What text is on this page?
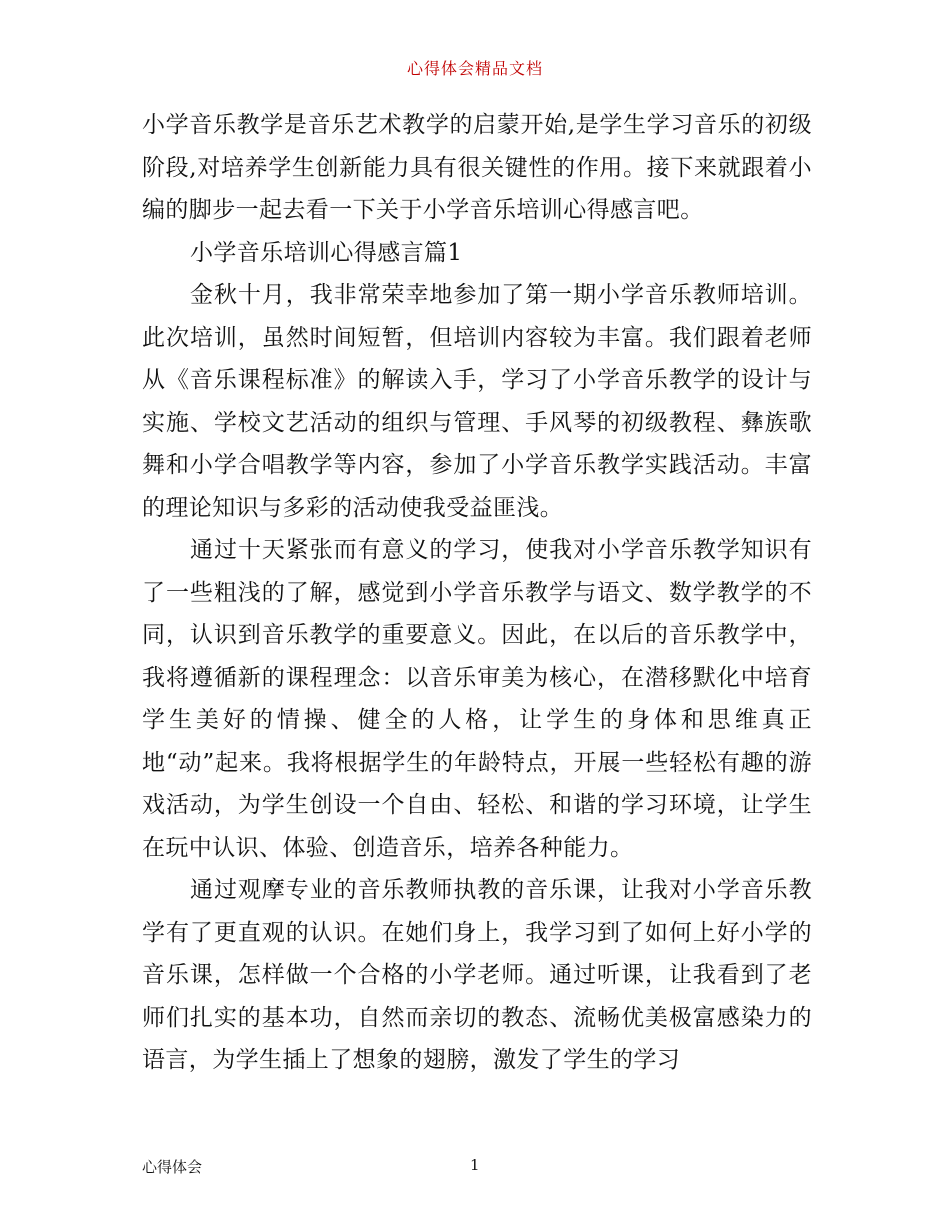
心得体会精品文档

小学音乐教学是音乐艺术教学的启蒙开始,是学生学习音乐的初级阶段,对培养学生创新能力具有很关键性的作用。接下来就跟着小编的脚步一起去看一下关于小学音乐培训心得感言吧。

小学音乐培训心得感言篇1

金秋十月，我非常荣幸地参加了第一期小学音乐教师培训。此次培训，虽然时间短暂，但培训内容较为丰富。我们跟着老师从《音乐课程标准》的解读入手，学习了小学音乐教学的设计与实施、学校文艺活动的组织与管理、手风琴的初级教程、彝族歌舞和小学合唱教学等内容，参加了小学音乐教学实践活动。丰富的理论知识与多彩的活动使我受益匪浅。

通过十天紧张而有意义的学习，使我对小学音乐教学知识有了一些粗浅的了解，感觉到小学音乐教学与语文、数学教学的不同，认识到音乐教学的重要意义。因此，在以后的音乐教学中，我将遵循新的课程理念：以音乐审美为核心，在潜移默化中培育学生美好的情操、健全的人格，让学生的身体和思维真正地“动”起来。我将根据学生的年龄特点，开展一些轻松有趣的游戏活动，为学生创设一个自由、轻松、和谐的学习环境，让学生在玩中认识、体验、创造音乐，培养各种能力。

通过观摩专业的音乐教师执教的音乐课，让我对小学音乐教学有了更直观的认识。在她们身上，我学习到了如何上好小学的音乐课，怎样做一个合格的小学老师。通过听课，让我看到了老师们扎实的基本功，自然而亲切的教态、流畅优美极富感染力的语言，为学生插上了想象的翅膀，激发了学生的学习

心得体会	1
